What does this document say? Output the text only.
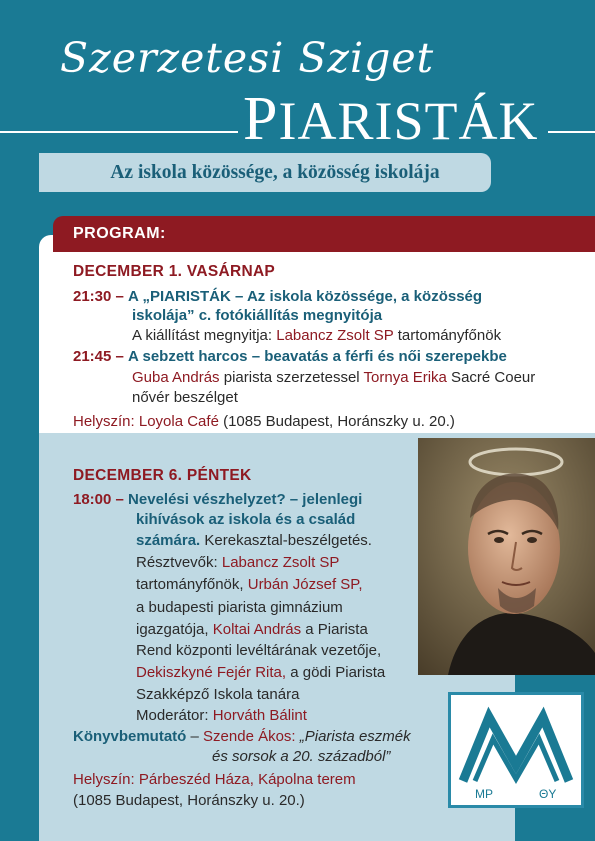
Szerzetesi Sziget
PIARISTÁK
Az iskola közössége, a közösség iskolája
PROGRAM:
DECEMBER 1. VASÁRNAP
21:30 – A „PIARISTÁK – Az iskola közössége, a közösség
iskolája” c. fotókiállítás megnyitója
A kiállítást megnyitja: Labancz Zsolt SP tartományfőnök
21:45 – A sebzett harcos – beavatás a férfi és női szerepekbe
Guba András piarista szerzetessel Tornya Erika Sacré Coeur
nővér beszélget
Helyszín: Loyola Café (1085 Budapest, Horánszky u. 20.)
DECEMBER 6. PÉNTEK
18:00 – Nevelési vészhelyzet? – jelenlegi
kihívások az iskola és a család
számára. Kerekasztal-beszélgetés.
Résztvevők: Labancz Zsolt SP
tartományfőnök, Urbán József SP,
a budapesti piarista gimnázium
igazgatója, Koltai András a Piarista
Rend központi levéltárának vezetője,
Dekiszkyné Fejér Rita, a gödi Piarista
Szakképző Iskola tanára
Moderátor: Horváth Bálint
Könyvbemutató – Szende Ákos: „Piarista eszmék
és sorsok a 20. századból”
Helyszín: Párbeszéd Háza, Kápolna terem
(1085 Budapest, Horánszky u. 20.)	MP	ΘY
